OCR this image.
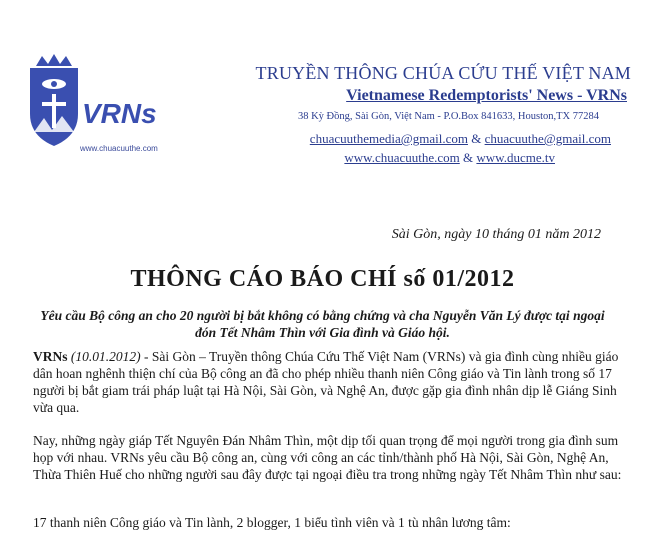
VRNs
www.chuacuuthe.com
TRUYỀN THÔNG CHÚA CỨU THẾ VIỆT NAM
Vietnamese Redemptorists' News - VRNs
38 Kỳ Đồng, Sài Gòn, Việt Nam - P.O.Box 841633, Houston,TX 77284
chuacuuthemedia@gmail.com & chuacuuthe@gmail.com
www.chuacuuthe.com & www.ducme.tv
Sài Gòn, ngày 10 tháng 01 năm 2012
THÔNG CÁO BÁO CHÍ số 01/2012
Yêu cầu Bộ công an cho 20 người bị bắt không có bằng chứng và cha Nguyễn Văn Lý được tại ngoại đón Tết Nhâm Thìn với Gia đình và Giáo hội.
VRNs (10.01.2012) - Sài Gòn – Truyền thông Chúa Cứu Thế Việt Nam (VRNs) và gia đình cùng nhiều giáo dân hoan nghênh thiện chí của Bộ công an đã cho phép nhiều thanh niên Công giáo và Tin lành trong số 17 người bị bắt giam trái pháp luật tại Hà Nội, Sài Gòn, và Nghệ An, được gặp gia đình nhân dịp lễ Giáng Sinh vừa qua.
Nay, những ngày giáp Tết Nguyên Đán Nhâm Thìn, một dịp tối quan trọng để mọi người trong gia đình sum họp với nhau. VRNs yêu cầu Bộ công an, cùng với công an các tỉnh/thành phố Hà Nội, Sài Gòn, Nghệ An, Thừa Thiên Huế cho những người sau đây được tại ngoại điều tra trong những ngày Tết Nhâm Thìn như sau:
17 thanh niên Công giáo và Tin lành, 2 blogger, 1 biểu tình viên và 1 tù nhân lương tâm:
